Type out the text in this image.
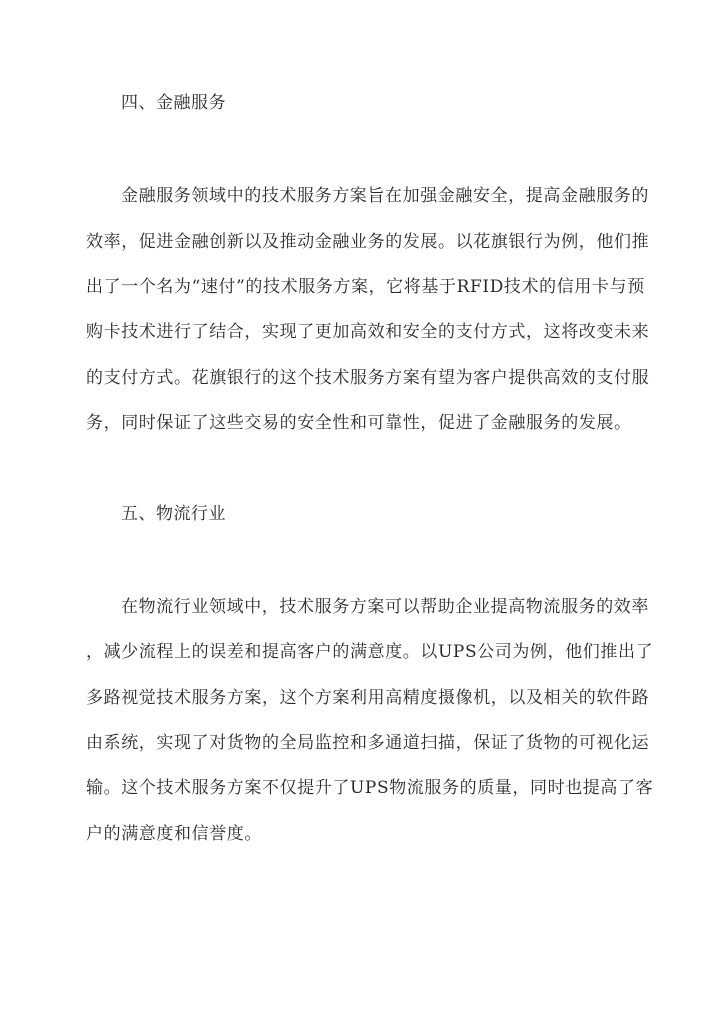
四、金融服务
金融服务领域中的技术服务方案旨在加强金融安全，提高金融服务的
效率，促进金融创新以及推动金融业务的发展。以花旗银行为例，他们推
出了一个名为“速付”的技术服务方案，它将基于RFID技术的信用卡与预
购卡技术进行了结合，实现了更加高效和安全的支付方式，这将改变未来
的支付方式。花旗银行的这个技术服务方案有望为客户提供高效的支付服
务，同时保证了这些交易的安全性和可靠性，促进了金融服务的发展。
五、物流行业
在物流行业领域中，技术服务方案可以帮助企业提高物流服务的效率
，减少流程上的误差和提高客户的满意度。以UPS公司为例，他们推出了
多路视觉技术服务方案，这个方案利用高精度摄像机，以及相关的软件路
由系统，实现了对货物的全局监控和多通道扫描，保证了货物的可视化运
输。这个技术服务方案不仅提升了UPS物流服务的质量，同时也提高了客
户的满意度和信誉度。
